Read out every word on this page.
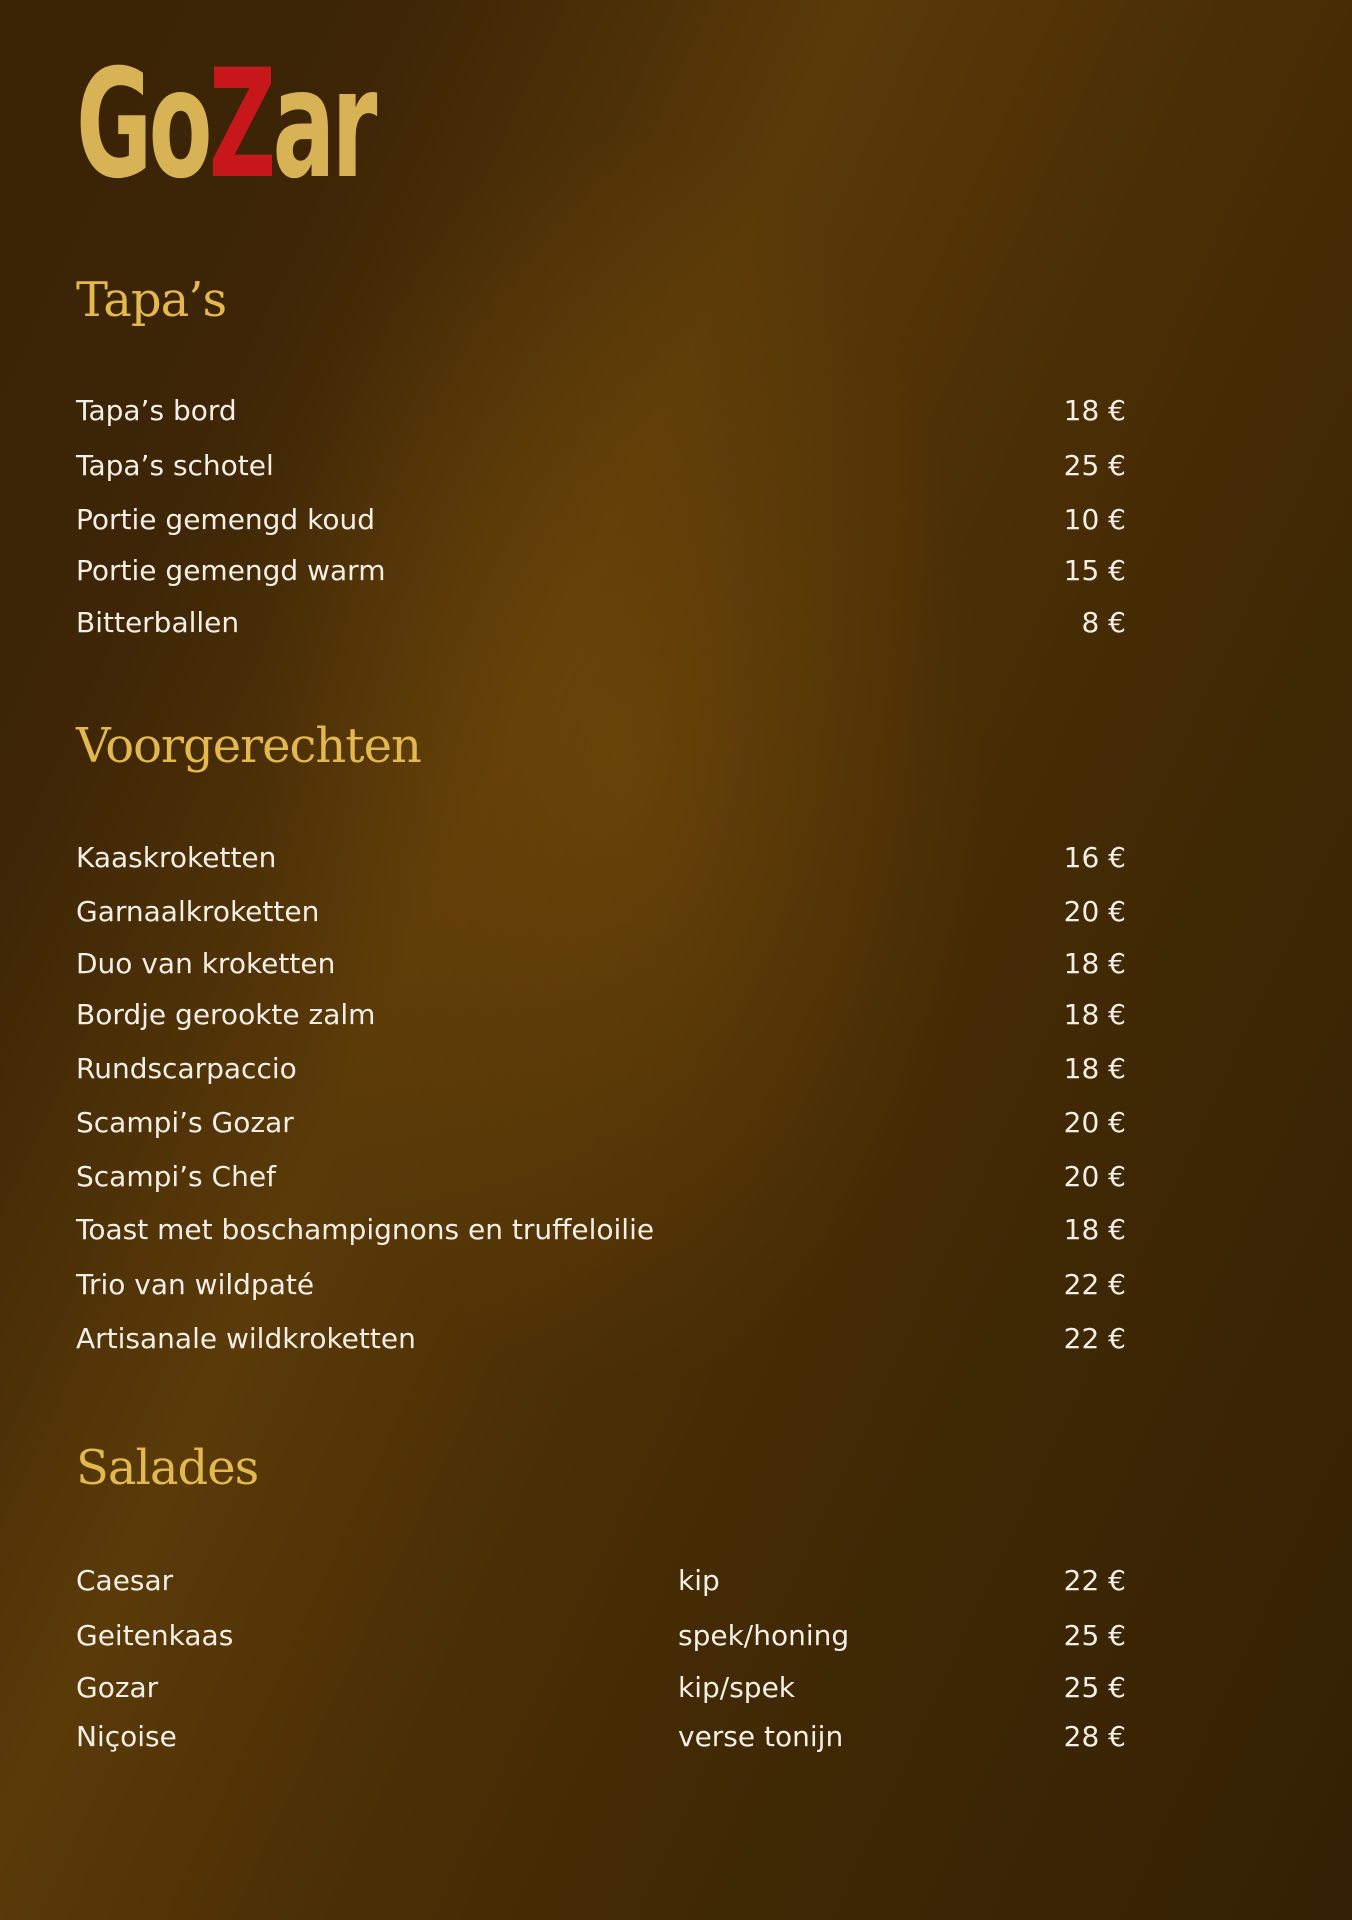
Go Z ar
Tapa’s
Tapa’s bord	18 €
Tapa’s schotel	25 €
Portie gemengd koud	10 €
Portie gemengd warm	15 €
Bitterballen	8 €
Voorgerechten
Kaaskroketten	16 €
Garnaalkroketten	20 €
Duo van kroketten	18 €
Bordje gerookte zalm	18 €
Rundscarpaccio	18 €
Scampi’s Gozar	20 €
Scampi’s Chef	20 €
Toast met boschampignons en truffeloilie	18 €
Trio van wildpaté	22 €
Artisanale wildkroketten	22 €
Salades
Caesar	kip	22 €
Geitenkaas	spek/honing	25 €
Gozar	kip/spek	25 €
Niçoise	verse tonijn	28 €
